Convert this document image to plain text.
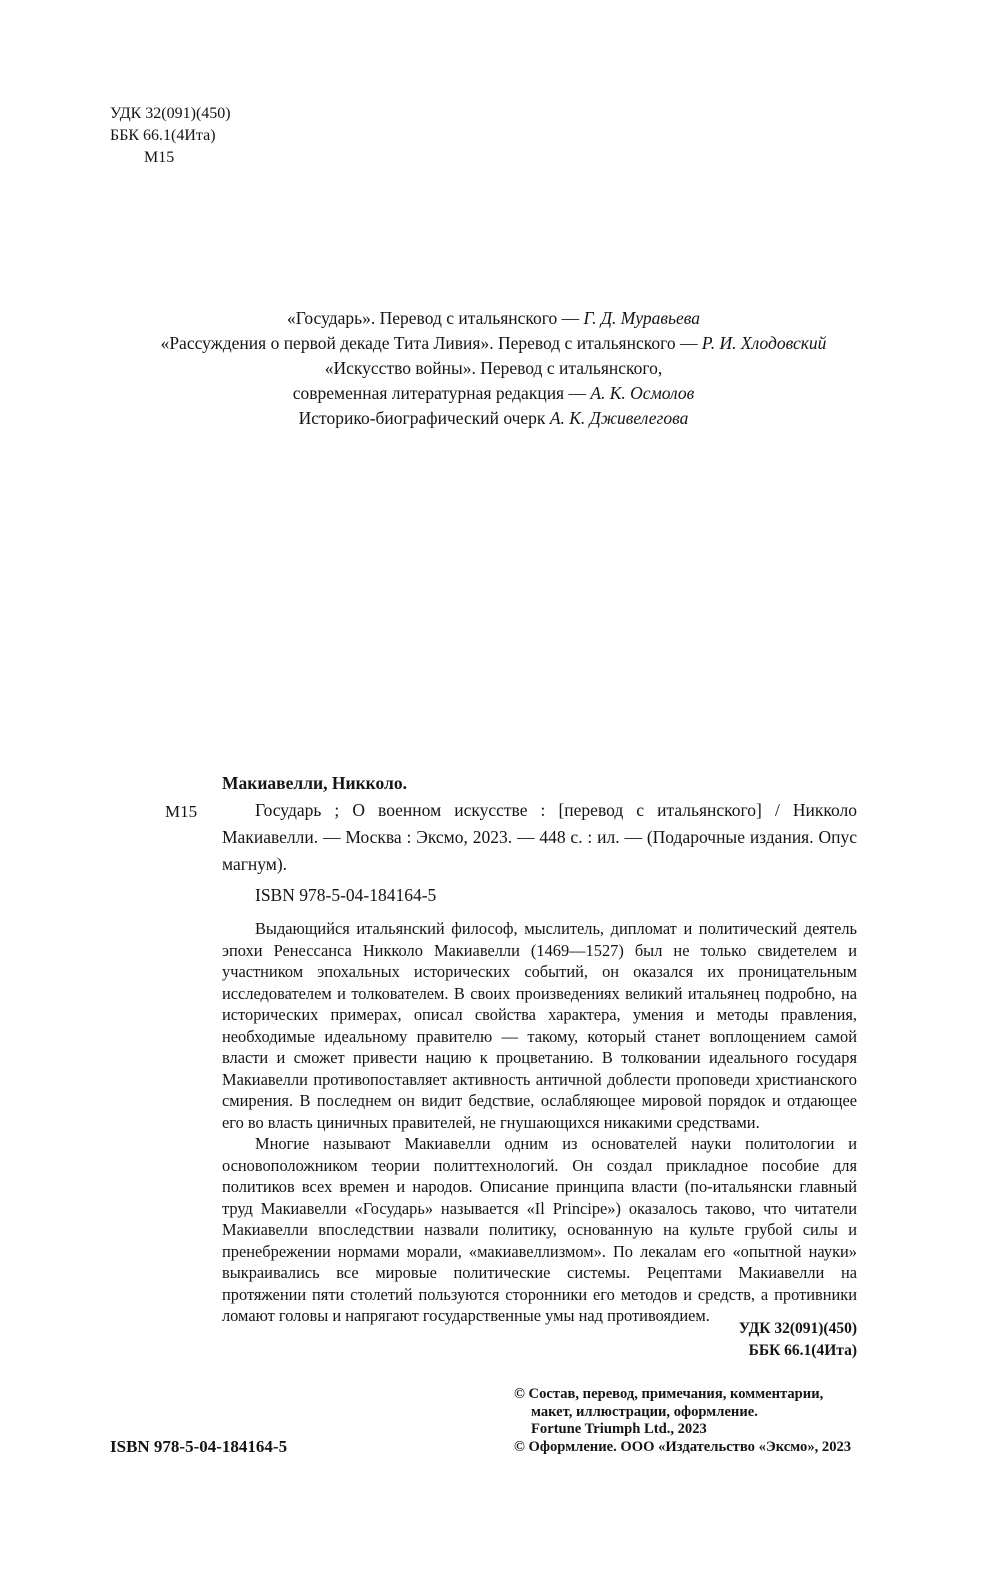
УДК 32(091)(450)
ББК 66.1(4Ита)
М15
«Государь». Перевод с итальянского — Г. Д. Муравьева
«Рассуждения о первой декаде Тита Ливия». Перевод с итальянского — Р. И. Хлодовский
«Искусство войны». Перевод с итальянского,
современная литературная редакция — А. К. Осмолов
Историко-биографический очерк А. К. Дживелегова
М15
Макиавелли, Никколо.
Государь ; О военном искусстве : [перевод с итальянского] / Никколо Макиавелли. — Москва : Эксмо, 2023. — 448 с. : ил. — (Подарочные издания. Опус магнум).
ISBN 978-5-04-184164-5

Выдающийся итальянский философ, мыслитель, дипломат и политический деятель эпохи Ренессанса Никколо Макиавелли (1469—1527) был не только свидетелем и участником эпохальных исторических событий, он оказался их проницательным исследователем и толкователем. В своих произведениях великий итальянец подробно, на исторических примерах, описал свойства характера, умения и методы правления, необходимые идеальному правителю — такому, который станет воплощением самой власти и сможет привести нацию к процветанию. В толковании идеального государя Макиавелли противопоставляет активность античной доблести проповеди христианского смирения. В последнем он видит бедствие, ослабляющее мировой порядок и отдающее его во власть циничных правителей, не гнушающихся никакими средствами.

Многие называют Макиавелли одним из основателей науки политологии и основоположником теории политтехнологий. Он создал прикладное пособие для политиков всех времен и народов. Описание принципа власти (по-итальянски главный труд Макиавелли «Государь» называется «Il Principe») оказалось таково, что читатели Макиавелли впоследствии назвали политику, основанную на культе грубой силы и пренебрежении нормами морали, «макиавеллизмом». По лекалам его «опытной науки» выкраивались все мировые политические системы. Рецептами Макиавелли на протяжении пяти столетий пользуются сторонники его методов и средств, а противники ломают головы и напрягают государственные умы над противоядием.

УДК 32(091)(450)
ББК 66.1(4Ита)
© Состав, перевод, примечания, комментарии,
макет, иллюстрации, оформление.
Fortune Triumph Ltd., 2023
© Оформление. ООО «Издательство «Эксмо», 2023
ISBN 978-5-04-184164-5
